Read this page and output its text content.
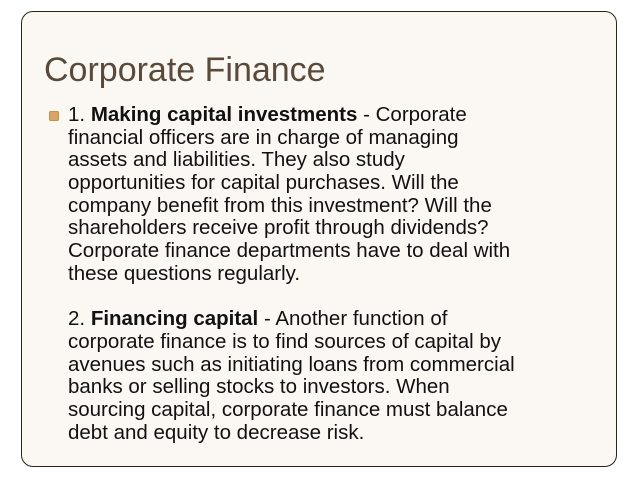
Corporate Finance
1. Making capital investments - Corporate
financial officers are in charge of managing
assets and liabilities. They also study
opportunities for capital purchases. Will the
company benefit from this investment? Will the
shareholders receive profit through dividends?
Corporate finance departments have to deal with
these questions regularly.
2. Financing capital - Another function of
corporate finance is to find sources of capital by
avenues such as initiating loans from commercial
banks or selling stocks to investors. When
sourcing capital, corporate finance must balance
debt and equity to decrease risk.
